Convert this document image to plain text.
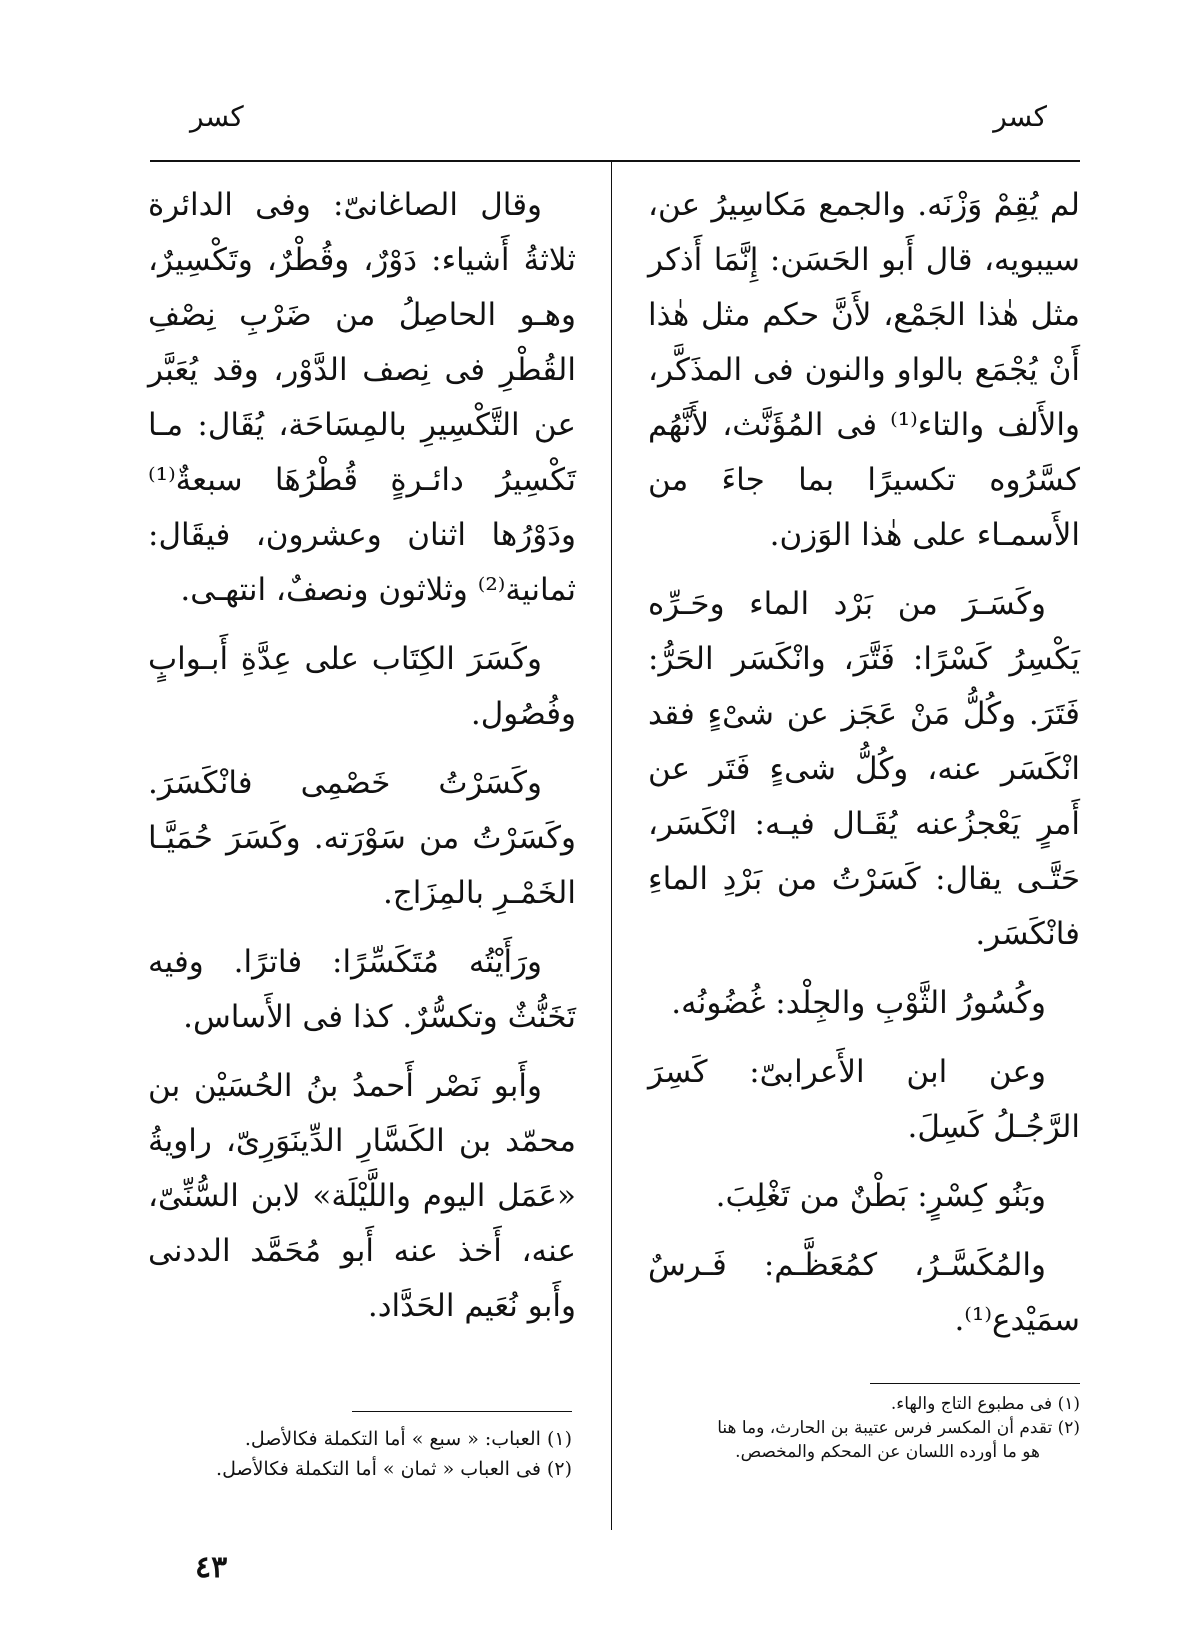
كسر
كسر

لم يُقِمْ وَزْنَه. والجمع مَكاسِيرُ عن، سيبويه، قال أَبو الحَسَن: إِنَّمَا أَذكر مثل هٰذا الجَمْع، لأَنَّ حكم مثل هٰذا أَنْ يُجْمَع بالواو والنون فى المذَكَّر، والأَلف والتاء⁽¹⁾ فى المُؤَنَّث، لأَنَّهُم كسَّرُوه تكسيرًا بما جاءَ من الأَسمـاء على هٰذا الوَزن.

وكَسَـرَ من بَرْد الماء وحَـرِّه يَكْسِرُ كَسْرًا: فَتَّرَ، وانْكَسَر الحَرُّ: فَتَرَ. وكُلُّ مَنْ عَجَز عن شىْءٍ فقد انْكَسَر عنه، وكُلُّ شىءٍ فَتَر عن أَمرٍ يَعْجزُعنه يُقَـال فيـه: انْكَسَر، حَتَّـى يقال: كَسَرْتُ من بَرْدِ الماءِ فانْكَسَر.

وكُسُورُ الثَّوْبِ والجِلْد: غُضُونُه.

وعن ابن الأَعرابىّ: كَسِرَ الرَّجُـلُ كَسِلَ.

وبَنُو كِسْرٍ: بَطْنٌ من تَغْلِبَ.

والمُكَسَّـرُ، كمُعَظَّـم: فَـرسٌ سمَيْدع⁽¹⁾.

وقال الصاغانىّ: وفى الدائرة ثلاثةُ أَشياء: دَوْرٌ، وقُطْرٌ، وتَكْسِيرٌ، وهـو الحاصِلُ من ضَرْبِ نِصْفِ القُطْرِ فى نِصف الدَّوْر، وقد يُعَبَّر عن التَّكْسِيرِ بالمِسَاحَة، يُقَال: مـا تَكْسِيرُ دائـرةٍ قُطْرُهَا سبعةٌ⁽¹⁾ ودَوْرُها اثنان وعشرون، فيقَال: ثمانية⁽²⁾ وثلاثون ونصفٌ، انتهـى.

وكَسَرَ الكِتَاب على عِدَّةِ أَبـوابٍ وفُصُول.

وكَسَرْتُ خَصْمِى فانْكَسَرَ. وكَسَرْتُ من سَوْرَته. وكَسَرَ حُمَيَّـا الخَمْـرِ بالمِزَاج.

ورَأَيْتُه مُتَكَسِّرًا: فاترًا. وفيه تَخَنُّثٌ وتكسُّرٌ. كذا فى الأَساس.

وأَبو نَصْر أَحمدُ بنُ الحُسَيْن بن محمّد بن الكَسَّارِ الدِّينَوَرِىّ، راويةُ «عَمَل اليوم واللَّيْلَة» لابن السُّنِّىّ، عنه، أَخذ عنه أَبو مُحَمَّد الددنى وأَبو نُعَيم الحَدَّاد.

(١) فى مطبوع التاج والهاء.

(٢) تقدم أن المكسر فرس عتيبة بن الحارث، وما هنا

هو ما أورده اللسان عن المحكم والمخصص.

(١) العباب: « سبع » أما التكملة فكالأصل.

(٢) فى العباب « ثمان » أما التكملة فكالأصل.

٤٣
